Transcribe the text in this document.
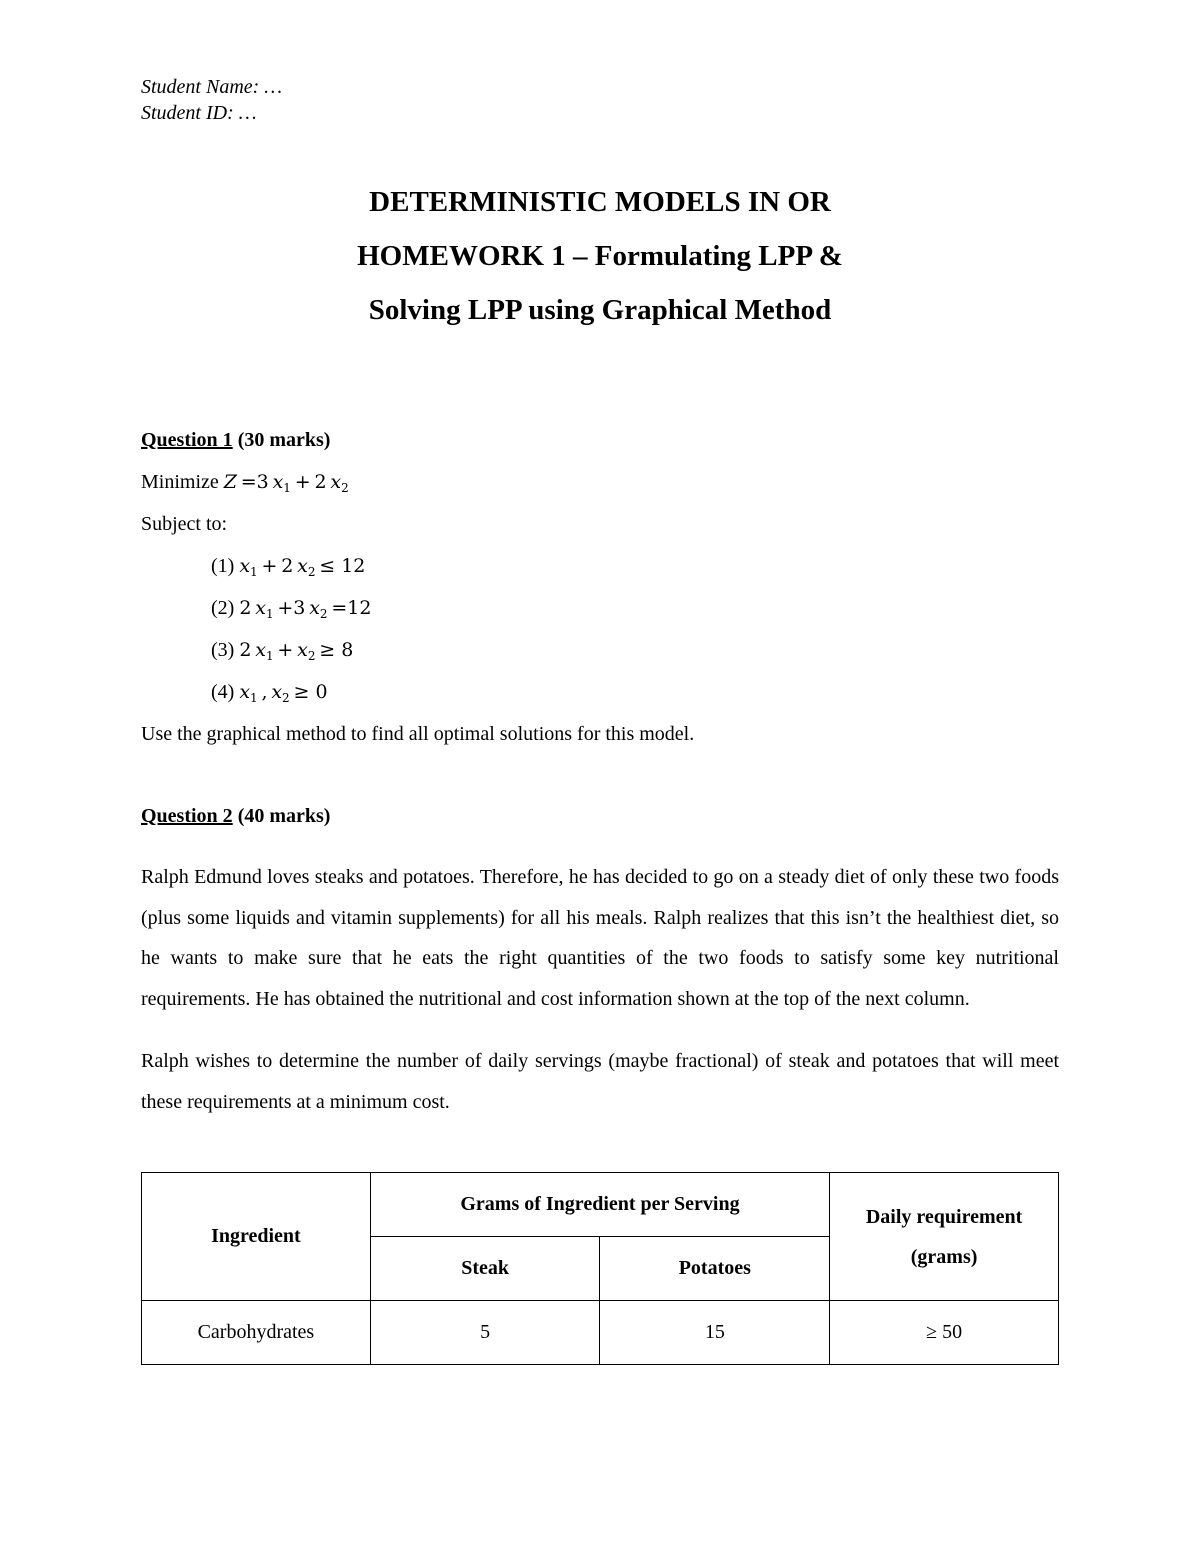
Student Name: …
Student ID: …
DETERMINISTIC MODELS IN OR
HOMEWORK 1 – Formulating LPP &
Solving LPP using Graphical Method
Question 1 (30 marks)
Minimize Z =3 $x_1 + 2$ $x_2$
Subject to:
(1) $x_1 + 2$ $x_2 \le 12$
(2) 2 $x_1 +3$ $x_2 =12$
(3) 2 $x_1 + x_2 \ge 8$
(4) $x_1$ , $x_2 \ge 0$
Use the graphical method to find all optimal solutions for this model.
Question 2 (40 marks)

Ralph Edmund loves steaks and potatoes. Therefore, he has decided to go on a steady diet of only these two foods (plus some liquids and vitamin supplements) for all his meals. Ralph realizes that this isn’t the healthiest diet, so he wants to make sure that he eats the right quantities of the two foods to satisfy some key nutritional requirements. He has obtained the nutritional and cost information shown at the top of the next column.

Ralph wishes to determine the number of daily servings (maybe fractional) of steak and potatoes that will meet these requirements at a minimum cost.

Ingredient	Grams of Ingredient per Serving		Daily requirement (grams)
	Steak	Potatoes	
Carbohydrates	5	15	≥ 50
